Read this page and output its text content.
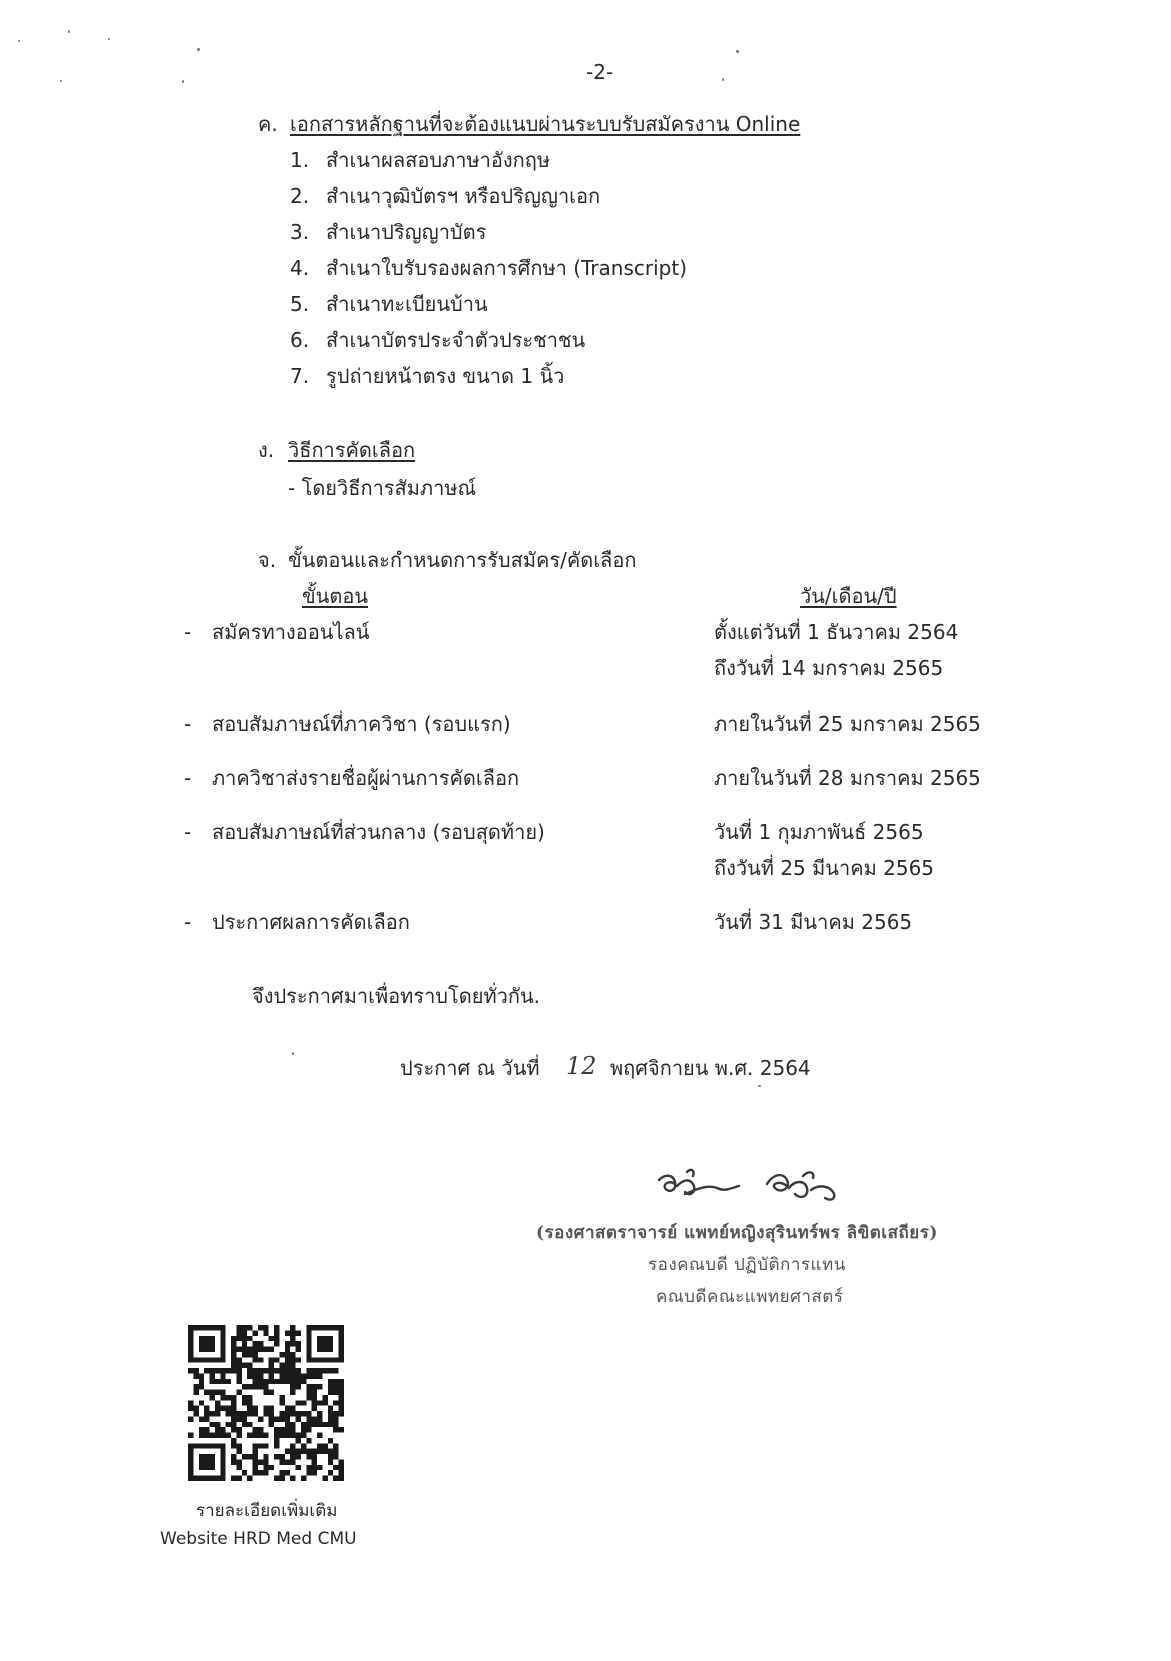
-2-
ค. เอกสารหลักฐานที่จะต้องแนบผ่านระบบรับสมัครงาน Online
1. สำเนาผลสอบภาษาอังกฤษ
2. สำเนาวุฒิบัตรฯ หรือปริญญาเอก
3. สำเนาปริญญาบัตร
4. สำเนาใบรับรองผลการศึกษา (Transcript)
5. สำเนาทะเบียนบ้าน
6. สำเนาบัตรประจำตัวประชาชน
7. รูปถ่ายหน้าตรง ขนาด 1 นิ้ว
ง. วิธีการคัดเลือก
- โดยวิธีการสัมภาษณ์
จ. ขั้นตอนและกำหนดการรับสมัคร/คัดเลือก
ขั้นตอน	วัน/เดือน/ปี
- สมัครทางออนไลน์	ตั้งแต่วันที่ 1 ธันวาคม 2564
ถึงวันที่ 14 มกราคม 2565
- สอบสัมภาษณ์ที่ภาควิชา (รอบแรก)	ภายในวันที่ 25 มกราคม 2565
- ภาควิชาส่งรายชื่อผู้ผ่านการคัดเลือก	ภายในวันที่ 28 มกราคม 2565
- สอบสัมภาษณ์ที่ส่วนกลาง (รอบสุดท้าย)	วันที่ 1 กุมภาพันธ์ 2565
ถึงวันที่ 25 มีนาคม 2565
- ประกาศผลการคัดเลือก	วันที่ 31 มีนาคม 2565
จึงประกาศมาเพื่อทราบโดยทั่วกัน.
ประกาศ ณ วันที่ 12 พฤศจิกายน พ.ศ. 2564
(รองศาสตราจารย์ แพทย์หญิงสุรินทร์พร ลิขิตเสถียร)
รองคณบดี ปฏิบัติการแทน
คณบดีคณะแพทยศาสตร์
รายละเอียดเพิ่มเติม
Website HRD Med CMU
